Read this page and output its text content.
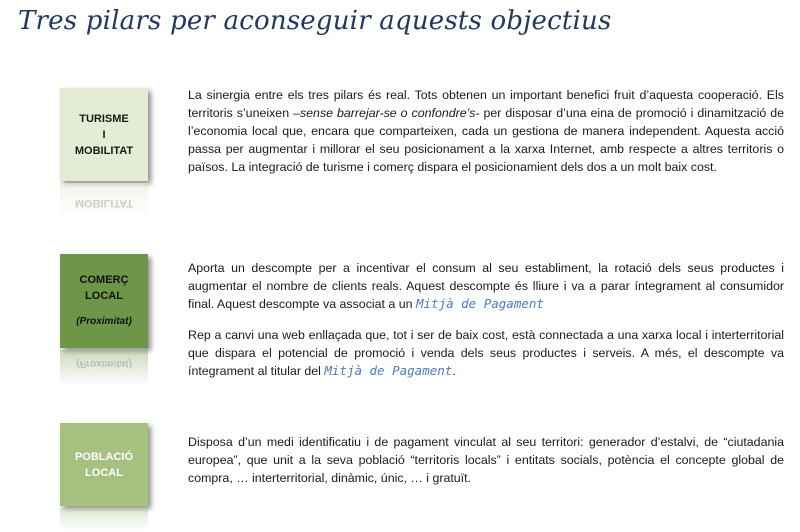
Tres pilars per aconseguir aquests objectius
TURISME
I
MOBILITAT
MOBILITAT
COMERÇ
LOCAL
(Proximitat)
(Proximitat)
POBLACIÓ
LOCAL

La sinergia entre els tres pilars és real. Tots obtenen un important benefici fruit d’aquesta cooperació. Els territoris s’uneixen –sense barrejar-se o confondre’s- per disposar d’una eina de promoció i dinamització de l’economia local que, encara que comparteixen, cada un gestiona de manera independent. Aquesta acció passa per augmentar i millorar el seu posicionament a la xarxa Internet, amb respecte a altres territoris o països. La integració de turisme i comerç dispara el posicionamient dels dos a un molt baix cost.

Aporta un descompte per a incentivar el consum al seu establiment, la rotació dels seus productes i augmentar el nombre de clients reals. Aquest descompte és lliure i va a parar íntegrament al consumidor final. Aquest descompte va associat a un Mitjà de Pagament

Rep a canvi una web enllaçada que, tot i ser de baix cost, està connectada a una xarxa local i interterritorial que dispara el potencial de promoció i venda dels seus productes i serveis. A més, el descompte va íntegrament al titular del Mitjà de Pagament.

Disposa d’un medi identificatiu i de pagament vinculat al seu territori: generador d’estalvi, de “ciutadania europea”, que unit a la seva població “territoris locals” i entitats socials, potència el concepte global de compra, … interterritorial, dinàmic, únic, … i gratuït.
